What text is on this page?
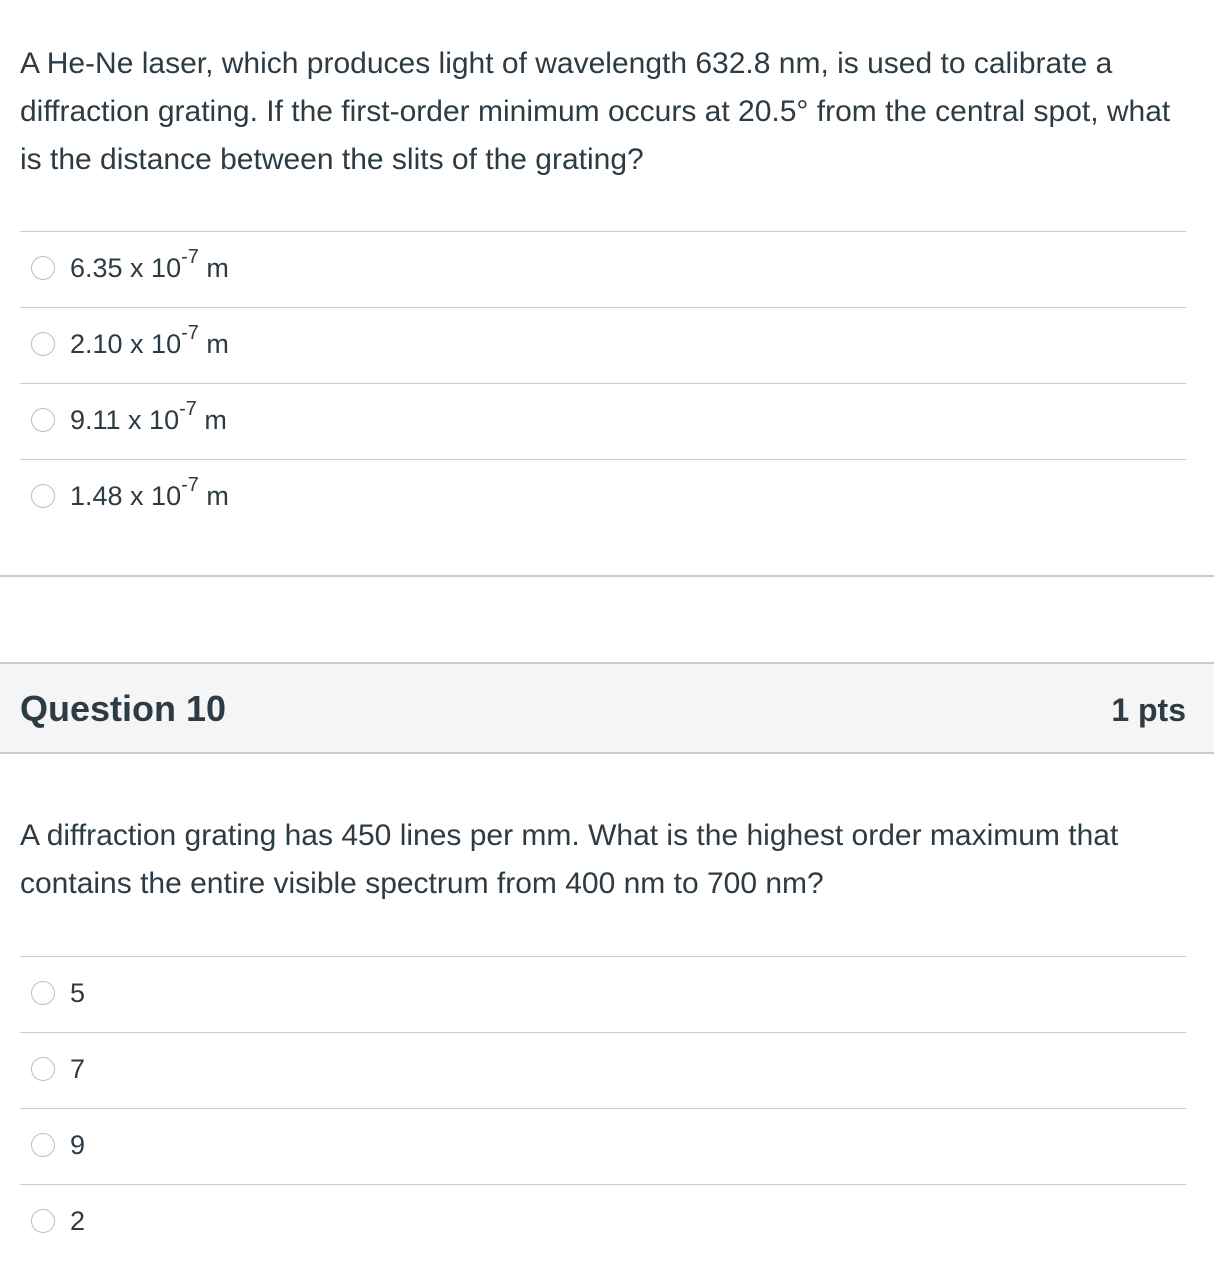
A He-Ne laser, which produces light of wavelength 632.8 nm, is used to calibrate a diffraction grating. If the first-order minimum occurs at 20.5° from the central spot, what is the distance between the slits of the grating?
6.35 x $10^{-7}$ m
2.10 x $10^{-7}$ m
9.11 x $10^{-7}$ m
1.48 x $10^{-7}$ m
Question 10	1 pts
A diffraction grating has 450 lines per mm. What is the highest order maximum that contains the entire visible spectrum from 400 nm to 700 nm?
5
7
9
2
